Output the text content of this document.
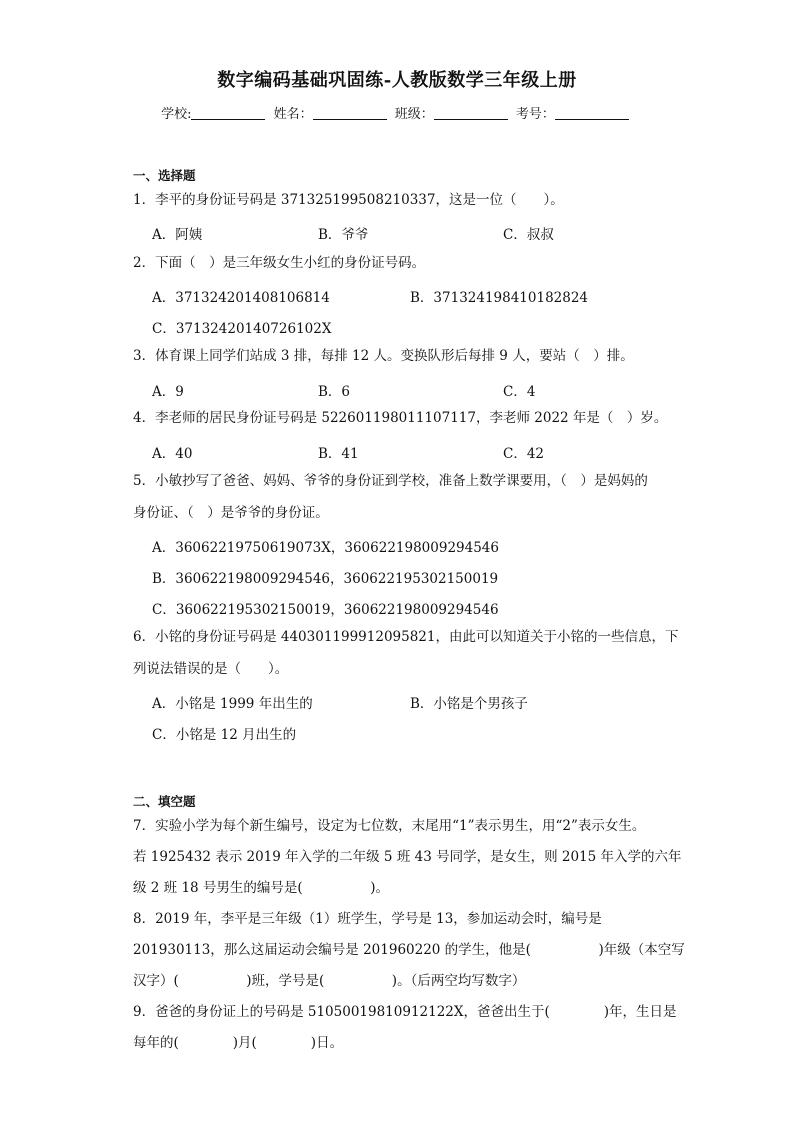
数字编码基础巩固练-人教版数学三年级上册
学校:	姓名：	班级：	考号：
一、选择题
1．李平的身份证号码是 371325199508210337，这是一位（　　）。
A．阿姨	B．爷爷	C．叔叔
2．下面（　）是三年级女生小红的身份证号码。
A．371324201408106814	B．371324198410182824
C．37132420140726102X
3．体育课上同学们站成 3 排，每排 12 人。变换队形后每排 9 人，要站（　）排。
A．9	B．6	C．4
4．李老师的居民身份证号码是 522601198011107117，李老师 2022 年是（　）岁。
A．40	B．41	C．42
5．小敏抄写了爸爸、妈妈、爷爷的身份证到学校，准备上数学课要用，（　）是妈妈的
身份证、（　）是爷爷的身份证。
A．36062219750619073X，360622198009294546
B．360622198009294546，360622195302150019
C．360622195302150019，360622198009294546
6．小铭的身份证号码是 440301199912095821，由此可以知道关于小铭的一些信息，下
列说法错误的是（　　）。
A．小铭是 1999 年出生的	B．小铭是个男孩子
C．小铭是 12 月出生的
二、填空题
7．实验小学为每个新生编号，设定为七位数，末尾用“1”表示男生，用“2”表示女生。
若 1925432 表示 2019 年入学的二年级 5 班 43 号同学，是女生，则 2015 年入学的六年
级 2 班 18 号男生的编号是(　　　　　)。
8．2019 年，李平是三年级（1）班学生，学号是 13，参加运动会时，编号是
201930113，那么这届运动会编号是 201960220 的学生，他是(　　　　　)年级（本空写
汉字）(　　　　　)班，学号是(　　　　　)。（后两空均写数字）
9．爸爸的身份证上的号码是 51050019810912122X，爸爸出生于(　　　　)年，生日是
每年的(　　　　)月(　　　　)日。
